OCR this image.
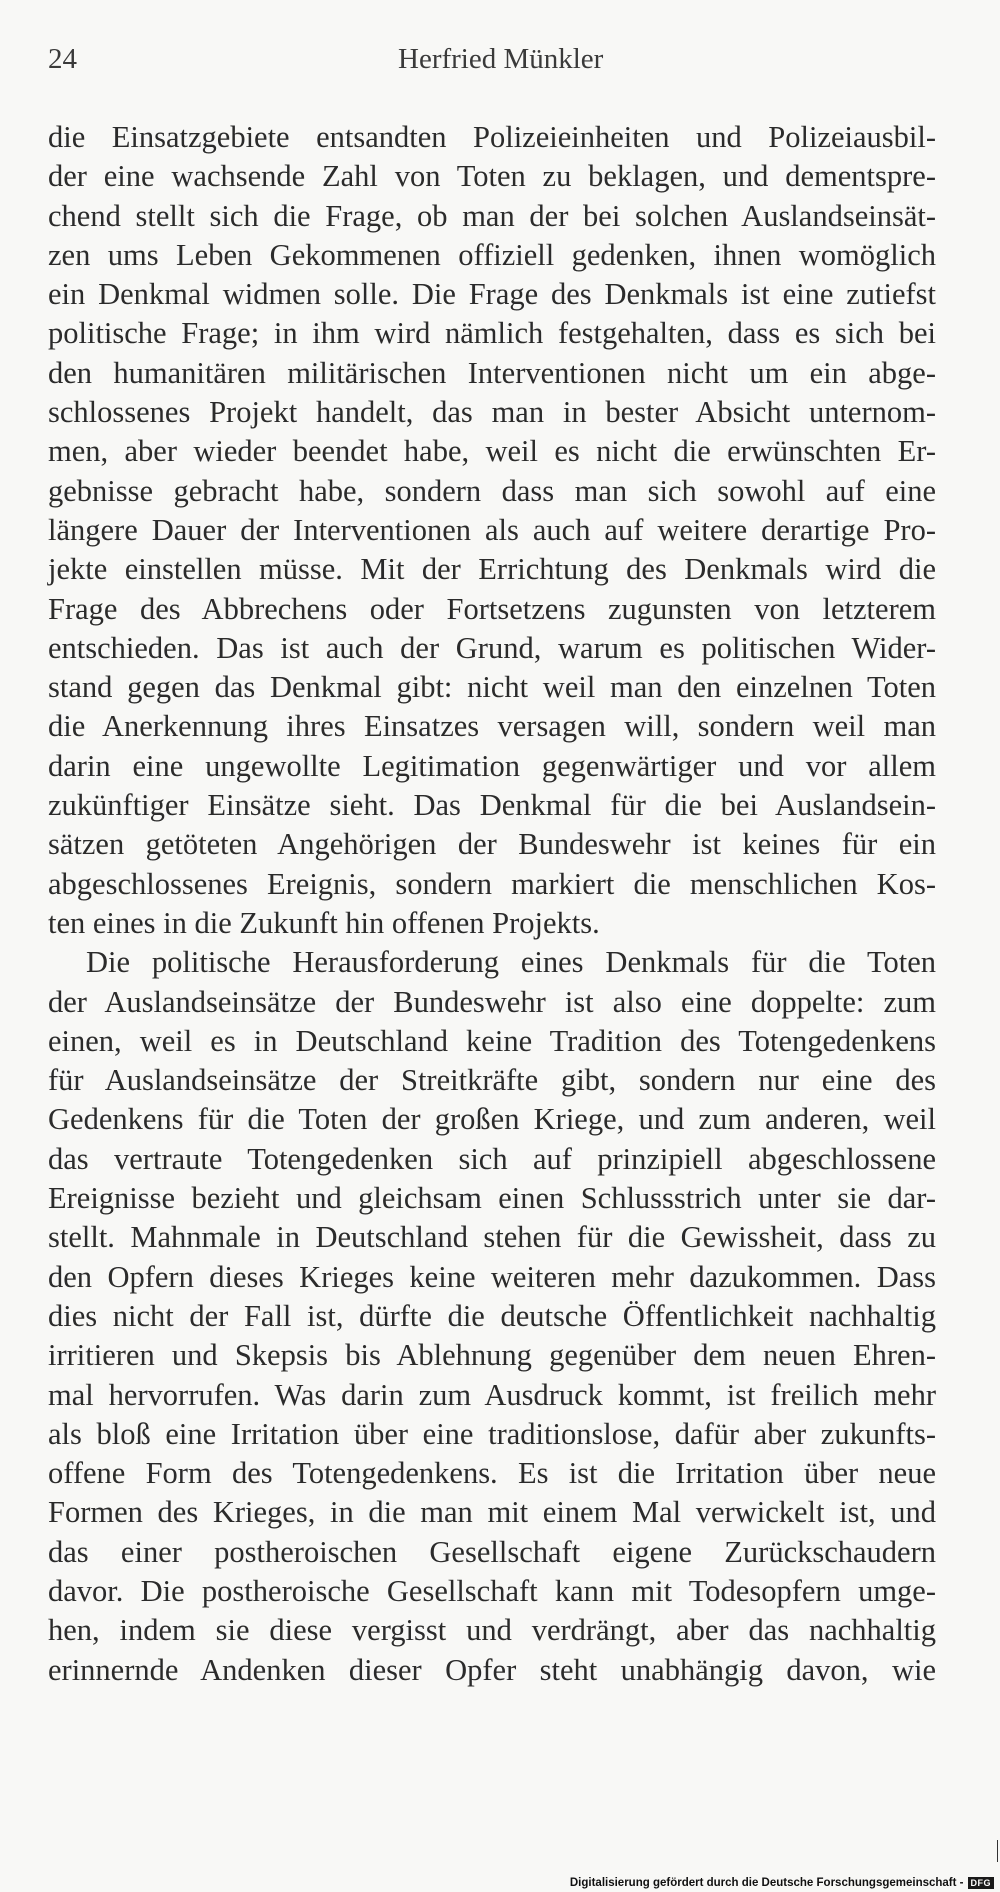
24	Herfried Münkler
die Einsatzgebiete entsandten Polizeieinheiten und Polizeiausbil-
der eine wachsende Zahl von Toten zu beklagen, und dementspre-
chend stellt sich die Frage, ob man der bei solchen Auslandseinsät-
zen ums Leben Gekommenen offiziell gedenken, ihnen womöglich
ein Denkmal widmen solle. Die Frage des Denkmals ist eine zutiefst
politische Frage; in ihm wird nämlich festgehalten, dass es sich bei
den humanitären militärischen Interventionen nicht um ein abge-
schlossenes Projekt handelt, das man in bester Absicht unternom-
men, aber wieder beendet habe, weil es nicht die erwünschten Er-
gebnisse gebracht habe, sondern dass man sich sowohl auf eine
längere Dauer der Interventionen als auch auf weitere derartige Pro-
jekte einstellen müsse. Mit der Errichtung des Denkmals wird die
Frage des Abbrechens oder Fortsetzens zugunsten von letzterem
entschieden. Das ist auch der Grund, warum es politischen Wider-
stand gegen das Denkmal gibt: nicht weil man den einzelnen Toten
die Anerkennung ihres Einsatzes versagen will, sondern weil man
darin eine ungewollte Legitimation gegenwärtiger und vor allem
zukünftiger Einsätze sieht. Das Denkmal für die bei Auslandsein-
sätzen getöteten Angehörigen der Bundeswehr ist keines für ein
abgeschlossenes Ereignis, sondern markiert die menschlichen Kos-
ten eines in die Zukunft hin offenen Projekts.
Die politische Herausforderung eines Denkmals für die Toten
der Auslandseinsätze der Bundeswehr ist also eine doppelte: zum
einen, weil es in Deutschland keine Tradition des Totengedenkens
für Auslandseinsätze der Streitkräfte gibt, sondern nur eine des
Gedenkens für die Toten der großen Kriege, und zum anderen, weil
das vertraute Totengedenken sich auf prinzipiell abgeschlossene
Ereignisse bezieht und gleichsam einen Schlussstrich unter sie dar-
stellt. Mahnmale in Deutschland stehen für die Gewissheit, dass zu
den Opfern dieses Krieges keine weiteren mehr dazukommen. Dass
dies nicht der Fall ist, dürfte die deutsche Öffentlichkeit nachhaltig
irritieren und Skepsis bis Ablehnung gegenüber dem neuen Ehren-
mal hervorrufen. Was darin zum Ausdruck kommt, ist freilich mehr
als bloß eine Irritation über eine traditionslose, dafür aber zukunfts-
offene Form des Totengedenkens. Es ist die Irritation über neue
Formen des Krieges, in die man mit einem Mal verwickelt ist, und
das einer postheroischen Gesellschaft eigene Zurückschaudern
davor. Die postheroische Gesellschaft kann mit Todesopfern umge-
hen, indem sie diese vergisst und verdrängt, aber das nachhaltig
erinnernde Andenken dieser Opfer steht unabhängig davon, wie
Digitalisierung gefördert durch die Deutsche Forschungsgemeinschaft - DFG
